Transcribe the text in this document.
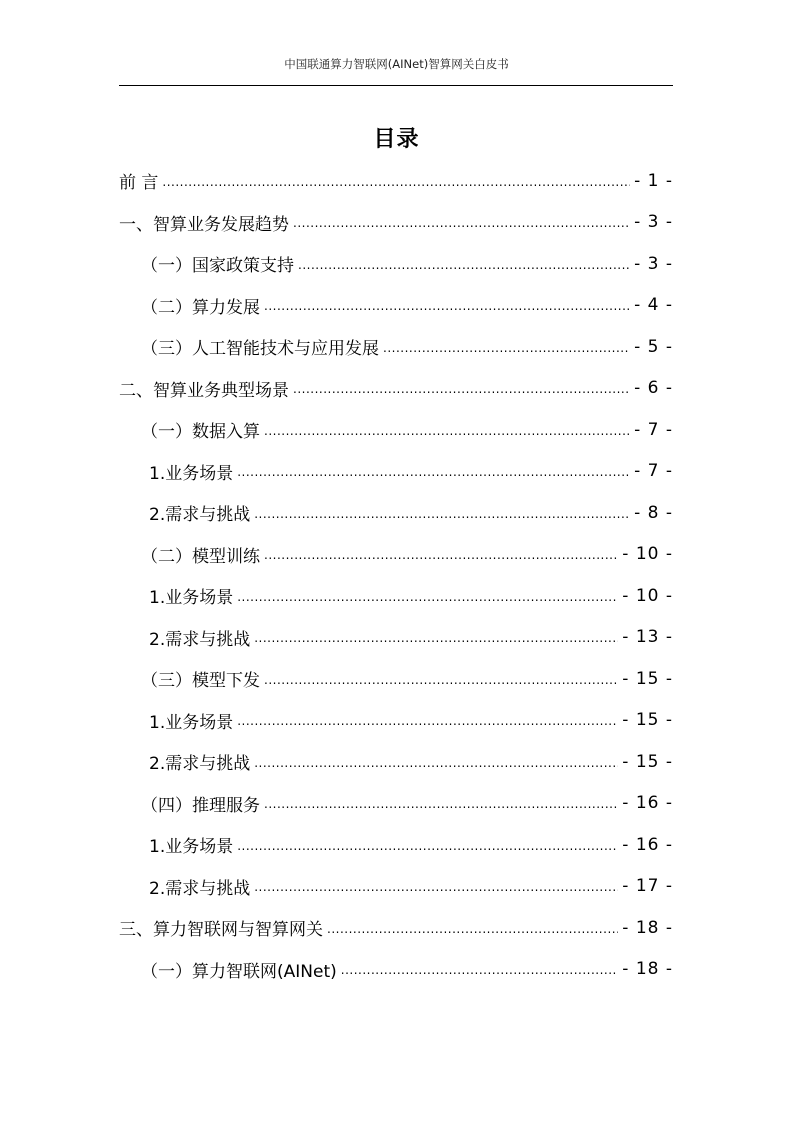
中国联通算力智联网(AINet)智算网关白皮书
目录
前 言 .....	- 1 -
一、智算业务发展趋势 .....	- 3 -
（一）国家政策支持 .....	- 3 -
（二）算力发展 .....	- 4 -
（三）人工智能技术与应用发展 .....	- 5 -
二、智算业务典型场景 .....	- 6 -
（一）数据入算 .....	- 7 -
1.业务场景 .....	- 7 -
2.需求与挑战 .....	- 8 -
（二）模型训练 .....	- 10 -
1.业务场景 .....	- 10 -
2.需求与挑战 .....	- 13 -
（三）模型下发 .....	- 15 -
1.业务场景 .....	- 15 -
2.需求与挑战 .....	- 15 -
（四）推理服务 .....	- 16 -
1.业务场景 .....	- 16 -
2.需求与挑战 .....	- 17 -
三、算力智联网与智算网关 .....	- 18 -
（一）算力智联网(AINet) .....	- 18 -
